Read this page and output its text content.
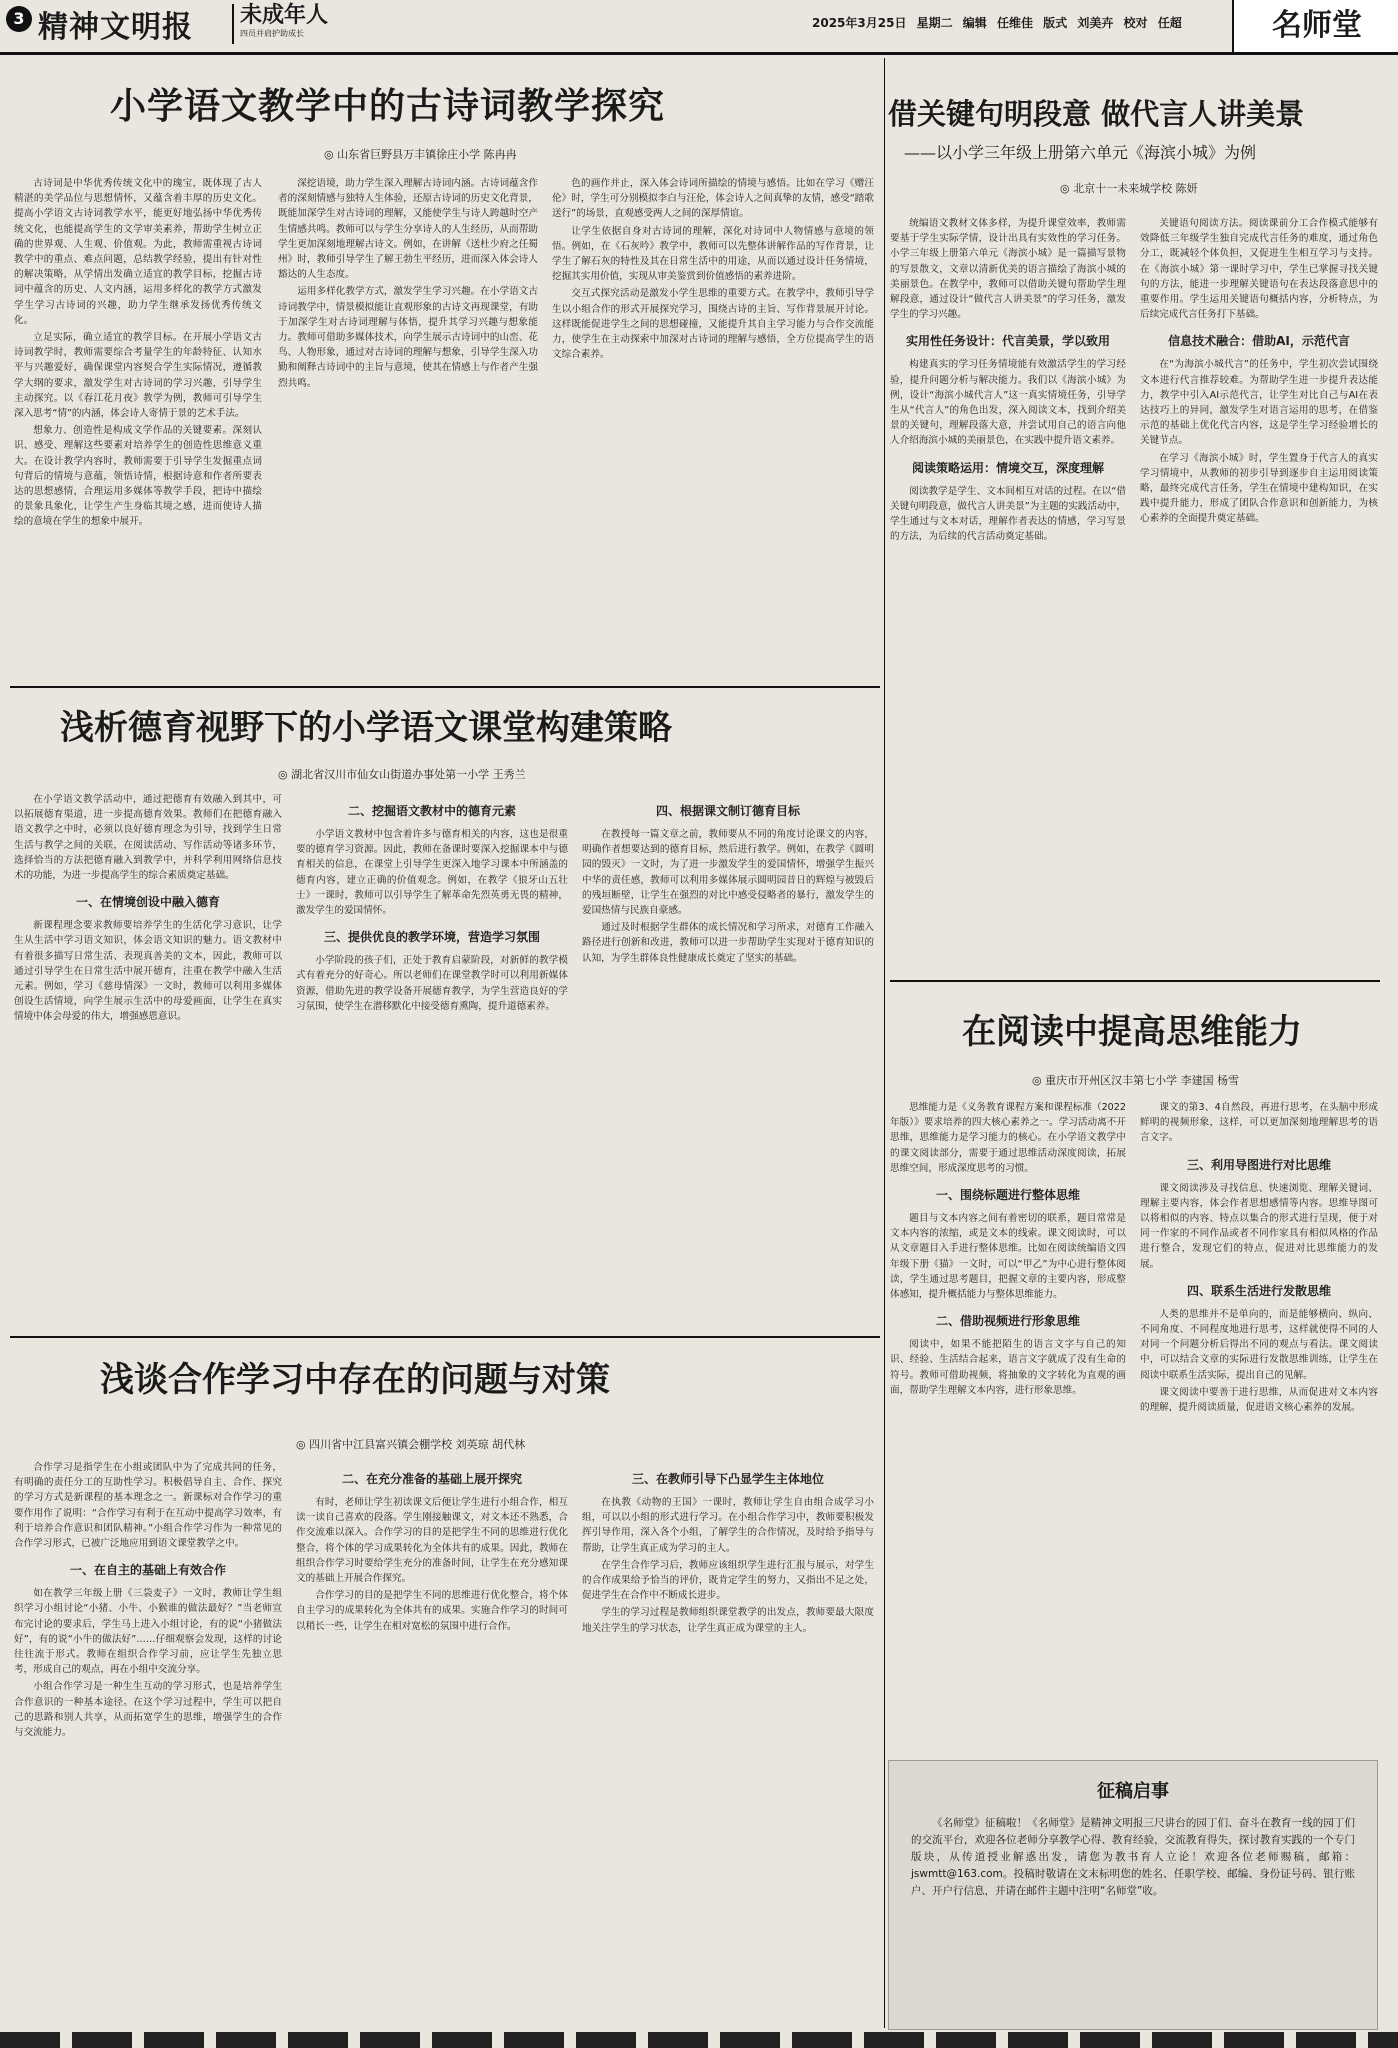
3 精神文明报 未成年人
四员并肩护助成长
2025年3月25日 星期二 编辑 任维佳 版式 刘美卉 校对 任超	名师堂
小学语文教学中的古诗词教学探究
◎ 山东省巨野县万丰镇徐庄小学 陈冉冉

古诗词是中华优秀传统文化中的瑰宝，既体现了古人精湛的美学品位与思想情怀，又蕴含着丰厚的历史文化。提高小学语文古诗词教学水平，能更好地弘扬中华优秀传统文化，也能提高学生的文学审美素养，帮助学生树立正确的世界观、人生观、价值观。为此，教师需重视古诗词教学中的重点、难点问题，总结教学经验，提出有针对性的解决策略，从学情出发确立适宜的教学目标，挖掘古诗词中蕴含的历史、人文内涵，运用多样化的教学方式激发学生学习古诗词的兴趣，助力学生继承发扬优秀传统文化。

立足实际，确立适宜的教学目标。在开展小学语文古诗词教学时，教师需要综合考量学生的年龄特征、认知水平与兴趣爱好，确保课堂内容契合学生实际情况，遵循教学大纲的要求，激发学生对古诗词的学习兴趣，引导学生主动探究。以《春江花月夜》教学为例，教师可引导学生深入思考“情”的内涵，体会诗人寄情于景的艺术手法。

想象力、创造性是构成文学作品的关键要素。深刻认识、感受、理解这些要素对培养学生的创造性思维意义重大。在设计教学内容时，教师需要于引导学生发掘重点词句背后的情境与意蕴，领悟诗情，根据诗意和作者所要表达的思想感情，合理运用多媒体等教学手段，把诗中描绘的景象具象化，让学生产生身临其境之感，进而使诗人描绘的意境在学生的想象中展开。

深挖语境，助力学生深入理解古诗词内涵。古诗词蕴含作者的深刻情感与独特人生体验，还原古诗词的历史文化背景，既能加深学生对古诗词的理解，又能使学生与诗人跨越时空产生情感共鸣。教师可以与学生分享诗人的人生经历，从而帮助学生更加深刻地理解古诗文。例如，在讲解《送杜少府之任蜀州》时，教师引导学生了解王勃生平经历，进而深入体会诗人豁达的人生态度。

运用多样化教学方式，激发学生学习兴趣。在小学语文古诗词教学中，情景模拟能让直观形象的古诗文再现课堂，有助于加深学生对古诗词理解与体悟，提升其学习兴趣与想象能力。教师可借助多媒体技术，向学生展示古诗词中的山峦、花鸟、人物形象，通过对古诗词的理解与想象，引导学生深入功勤和阐释古诗词中的主旨与意境，使其在情感上与作者产生强烈共鸣。

色的画作并止，深入体会诗词所描绘的情境与感悟。比如在学习《赠汪伦》时，学生可分别模拟李白与汪伦，体会诗人之间真挚的友情，感受“踏歌送行”的场景，直观感受两人之间的深厚情谊。

让学生依据自身对古诗词的理解，深化对诗词中人物情感与意境的领悟。例如，在《石灰吟》教学中，教师可以先整体讲解作品的写作背景，让学生了解石灰的特性及其在日常生活中的用途，从而以通过设计任务情境，挖掘其实用价值，实现从审美鉴赏到价值感悟的素养进阶。

交互式探究活动是激发小学生思维的重要方式。在教学中，教师引导学生以小组合作的形式开展探究学习，围绕古诗的主旨、写作背景展开讨论。这样既能促进学生之间的思想碰撞，又能提升其自主学习能力与合作交流能力，使学生在主动探索中加深对古诗词的理解与感悟，全方位提高学生的语文综合素养。

浅析德育视野下的小学语文课堂构建策略
◎ 湖北省汉川市仙女山街道办事处第一小学 王秀兰

在小学语文教学活动中，通过把德育有效融入到其中，可以拓展德育渠道，进一步提高德育效果。教师们在把德育融入语文教学之中时，必须以良好德育理念为引导，找到学生日常生活与教学之间的关联，在阅读活动、写作活动等诸多环节，选择恰当的方法把德育融入到教学中，并科学利用网络信息技术的功能，为进一步提高学生的综合素质奠定基础。

一、在情境创设中融入德育

新课程理念要求教师要培养学生的生活化学习意识，让学生从生活中学习语文知识，体会语文知识的魅力。语文教材中有着很多描写日常生活、表现真善美的文本，因此，教师可以通过引导学生在日常生活中展开德育，注重在教学中融入生活元素。例如，学习《慈母情深》一文时，教师可以利用多媒体创设生活情境，向学生展示生活中的母爱画面，让学生在真实情境中体会母爱的伟大，增强感恩意识。

二、挖掘语文教材中的德育元素

小学语文教材中包含着许多与德育相关的内容，这也是很重要的德育学习资源。因此，教师在备课时要深入挖掘课本中与德育相关的信息，在课堂上引导学生更深入地学习课本中所涵盖的德育内容，建立正确的价值观念。例如，在教学《狼牙山五壮士》一课时，教师可以引导学生了解革命先烈英勇无畏的精神，激发学生的爱国情怀。

三、提供优良的教学环境，营造学习氛围

小学阶段的孩子们，正处于教育启蒙阶段，对新鲜的教学模式有着充分的好奇心。所以老师们在课堂教学时可以利用新媒体资源，借助先进的教学设备开展德育教学，为学生营造良好的学习氛围，使学生在潜移默化中接受德育熏陶，提升道德素养。

四、根据课文制订德育目标

在教授每一篇文章之前，教师要从不同的角度讨论课文的内容，明确作者想要达到的德育目标，然后进行教学。例如，在教学《圆明园的毁灭》一文时，为了进一步激发学生的爱国情怀，增强学生振兴中华的责任感，教师可以利用多媒体展示圆明园昔日的辉煌与被毁后的残垣断壁，让学生在强烈的对比中感受侵略者的暴行，激发学生的爱国热情与民族自豪感。

通过及时根据学生群体的成长情况和学习所求，对德育工作融入路径进行创新和改进，教师可以进一步帮助学生实现对于德育知识的认知，为学生群体良性健康成长奠定了坚实的基础。

浅谈合作学习中存在的问题与对策
◎ 四川省中江县富兴镇会棚学校 刘英琼 胡代林

合作学习是指学生在小组或团队中为了完成共同的任务，有明确的责任分工的互助性学习。积极倡导自主、合作、探究的学习方式是新课程的基本理念之一。新课标对合作学习的重要作用作了说明：“合作学习有利于在互动中提高学习效率，有利于培养合作意识和团队精神。”小组合作学习作为一种常见的合作学习形式，已被广泛地应用到语文课堂教学之中。

一、在自主的基础上有效合作

如在教学三年级上册《三袋麦子》一文时，教师让学生组织学习小组讨论“小猪、小牛、小猴谁的做法最好？”当老师宣布完讨论的要求后，学生马上进入小组讨论，有的说“小猪做法好”，有的说“小牛的做法好”……仔细观察会发现，这样的讨论往往流于形式。教师在组织合作学习前，应让学生先独立思考，形成自己的观点，再在小组中交流分享。

小组合作学习是一种生生互动的学习形式，也是培养学生合作意识的一种基本途径。在这个学习过程中，学生可以把自己的思路和别人共享，从而拓宽学生的思维，增强学生的合作与交流能力。

二、在充分准备的基础上展开探究

有时，老师让学生初读课文后便让学生进行小组合作，相互读一读自己喜欢的段落。学生刚接触课文，对文本还不熟悉，合作交流难以深入。合作学习的目的是把学生不同的思维进行优化整合，将个体的学习成果转化为全体共有的成果。因此，教师在组织合作学习时要给学生充分的准备时间，让学生在充分感知课文的基础上开展合作探究。

合作学习的目的是把学生不同的思维进行优化整合，将个体自主学习的成果转化为全体共有的成果。实施合作学习的时间可以稍长一些，让学生在相对宽松的氛围中进行合作。

三、在教师引导下凸显学生主体地位

在执教《动物的王国》一课时，教师让学生自由组合成学习小组，可以以小组的形式进行学习。在小组合作学习中，教师要积极发挥引导作用，深入各个小组，了解学生的合作情况，及时给予指导与帮助，让学生真正成为学习的主人。

在学生合作学习后，教师应该组织学生进行汇报与展示，对学生的合作成果给予恰当的评价，既肯定学生的努力，又指出不足之处，促进学生在合作中不断成长进步。

学生的学习过程是教师组织课堂教学的出发点，教师要最大限度地关注学生的学习状态，让学生真正成为课堂的主人。

借关键句明段意 做代言人讲美景
——以小学三年级上册第六单元《海滨小城》为例
◎ 北京十一未来城学校 陈妍

统编语文教材文体多样，为提升课堂效率，教师需要基于学生实际学情，设计出具有实效性的学习任务。小学三年级上册第六单元《海滨小城》是一篇描写景物的写景散文，文章以清新优美的语言描绘了海滨小城的美丽景色。在教学中，教师可以借助关键句帮助学生理解段意，通过设计“做代言人讲美景”的学习任务，激发学生的学习兴趣。

实用性任务设计：代言美景，学以致用

构建真实的学习任务情境能有效激活学生的学习经验，提升问题分析与解决能力。我们以《海滨小城》为例，设计“海滨小城代言人”这一真实情境任务，引导学生从“代言人”的角色出发，深入阅读文本，找到介绍美景的关键句，理解段落大意，并尝试用自己的语言向他人介绍海滨小城的美丽景色，在实践中提升语文素养。

阅读策略运用：情境交互，深度理解

阅读教学是学生、文本间相互对话的过程。在以“借关键句明段意，做代言人讲美景”为主题的实践活动中，学生通过与文本对话，理解作者表达的情感，学习写景的方法，为后续的代言活动奠定基础。

关键语句阅读方法。阅读课前分工合作模式能够有效降低三年级学生独自完成代言任务的难度，通过角色分工，既减轻个体负担，又促进生生相互学习与支持。在《海滨小城》第一课时学习中，学生已掌握寻找关键句的方法，能进一步理解关键语句在表达段落意思中的重要作用。学生运用关键语句概括内容，分析特点，为后续完成代言任务打下基础。

信息技术融合：借助AI，示范代言

在“为海滨小城代言”的任务中，学生初次尝试围绕文本进行代言推荐较难。为帮助学生进一步提升表达能力，教学中引入AI示范代言，让学生对比自己与AI在表达技巧上的异同，激发学生对语言运用的思考，在借鉴示范的基础上优化代言内容，这是学生学习经验增长的关键节点。

在学习《海滨小城》时，学生置身于代言人的真实学习情境中，从教师的初步引导到逐步自主运用阅读策略，最终完成代言任务，学生在情境中建构知识，在实践中提升能力，形成了团队合作意识和创新能力，为核心素养的全面提升奠定基础。

在阅读中提高思维能力
◎ 重庆市开州区汉丰第七小学 李建国 杨雪

思维能力是《义务教育课程方案和课程标准（2022年版）》要求培养的四大核心素养之一。学习活动离不开思维，思维能力是学习能力的核心。在小学语文教学中的课文阅读部分，需要于通过思维活动深度阅读，拓展思维空间，形成深度思考的习惯。

一、围绕标题进行整体思维

题目与文本内容之间有着密切的联系，题目常常是文本内容的浓缩，或是文本的线索。课文阅读时，可以从文章题目入手进行整体思维。比如在阅读统编语文四年级下册《猫》一文时，可以“甲乙”为中心进行整体阅读，学生通过思考题目，把握文章的主要内容，形成整体感知，提升概括能力与整体思维能力。

二、借助视频进行形象思维

阅读中，如果不能把陌生的语言文字与自己的知识、经验、生活结合起来，语言文字就成了没有生命的符号。教师可借助视频，将抽象的文字转化为直观的画面，帮助学生理解文本内容，进行形象思维。

课文的第3、4自然段，再进行思考，在头脑中形成鲜明的视频形象，这样，可以更加深刻地理解思考的语言文字。

三、利用导图进行对比思维

课文阅读涉及寻找信息、快速浏览、理解关键词、理解主要内容，体会作者思想感情等内容。思维导图可以将相似的内容、特点以集合的形式进行呈现，便于对同一作家的不同作品或者不同作家具有相似风格的作品进行整合，发现它们的特点，促进对比思维能力的发展。

四、联系生活进行发散思维

人类的思维并不是单向的，而是能够横向、纵向、不同角度、不同程度地进行思考，这样就使得不同的人对同一个问题分析后得出不同的观点与看法。课文阅读中，可以结合文章的实际进行发散思维训练，让学生在阅读中联系生活实际，提出自己的见解。

课文阅读中要善于进行思维，从而促进对文本内容的理解，提升阅读质量，促进语文核心素养的发展。

征稿启事
《名师堂》征稿啦！《名师堂》是精神文明报三尺讲台的园丁们、奋斗在教育一线的园丁们的交流平台，欢迎各位老师分享教学心得、教育经验，交流教育得失，探讨教育实践的一个专门版块，从传道授业解惑出发，请您为教书育人立论！欢迎各位老师赐稿，邮箱：jswmtt@163.com。投稿时敬请在文末标明您的姓名、任职学校、邮编、身份证号码、银行账户、开户行信息，并请在邮件主题中注明“名师堂”收。
